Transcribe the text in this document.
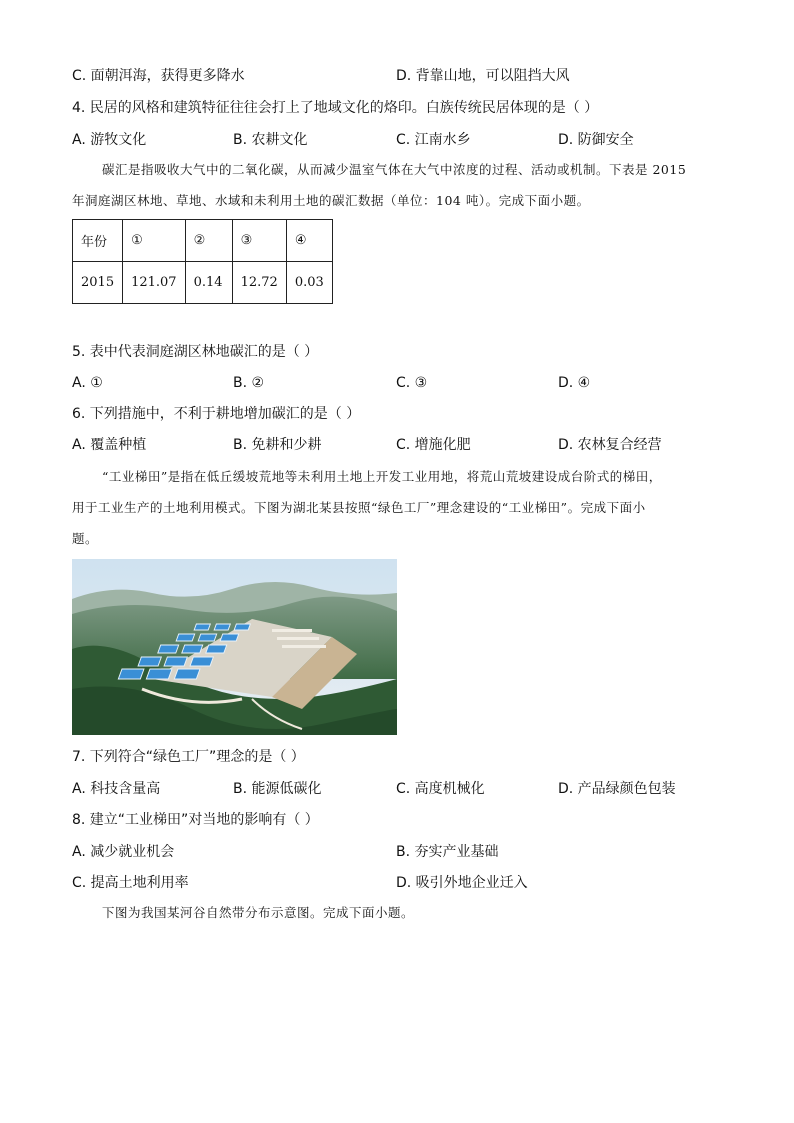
C. 面朝洱海，获得更多降水	D. 背靠山地，可以阻挡大风
4. 民居的风格和建筑特征往往会打上了地域文化的烙印。白族传统民居体现的是（ ）
A. 游牧文化	B. 农耕文化	C. 江南水乡	D. 防御安全
碳汇是指吸收大气中的二氧化碳，从而减少温室气体在大气中浓度的过程、活动或机制。下表是 2015
年洞庭湖区林地、草地、水域和未利用土地的碳汇数据（单位：104 吨）。完成下面小题。
年份	①	②	③	④
2015	121.07	0.14	12.72	0.03
5. 表中代表洞庭湖区林地碳汇的是（ ）
A. ①	B. ②	C. ③	D. ④
6. 下列措施中，不利于耕地增加碳汇的是（ ）
A. 覆盖种植	B. 免耕和少耕	C. 增施化肥	D. 农林复合经营
“工业梯田”是指在低丘缓坡荒地等未利用土地上开发工业用地，将荒山荒坡建设成台阶式的梯田，
用于工业生产的土地利用模式。下图为湖北某县按照“绿色工厂”理念建设的“工业梯田”。完成下面小
题。
7. 下列符合“绿色工厂”理念的是（ ）
A. 科技含量高	B. 能源低碳化	C. 高度机械化	D. 产品绿颜色包装
8. 建立“工业梯田”对当地的影响有（ ）
A. 减少就业机会	B. 夯实产业基础
C. 提高土地利用率	D. 吸引外地企业迁入
下图为我国某河谷自然带分布示意图。完成下面小题。
